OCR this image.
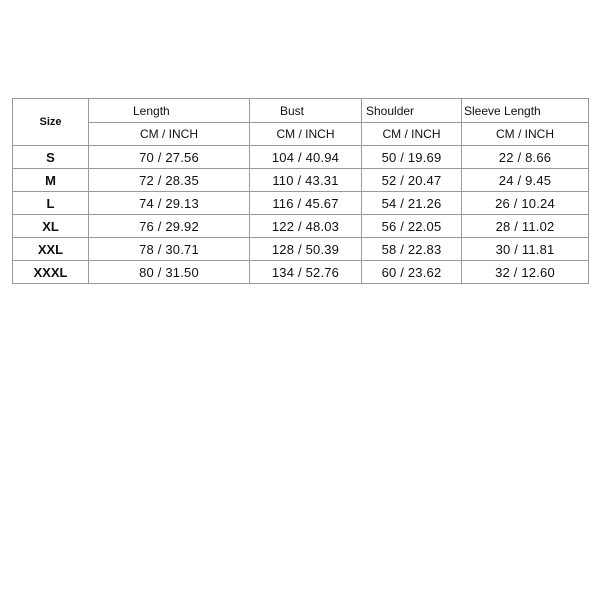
Size	Length	Bust	Shoulder	Sleeve Length
	CM / INCH	CM / INCH	CM / INCH	CM / INCH
S	70 / 27.56	104 / 40.94	50 / 19.69	22 / 8.66
M	72 / 28.35	110 / 43.31	52 / 20.47	24 / 9.45
L	74 / 29.13	116 / 45.67	54 / 21.26	26 / 10.24
XL	76 / 29.92	122 / 48.03	56 / 22.05	28 / 11.02
XXL	78 / 30.71	128 / 50.39	58 / 22.83	30 / 11.81
XXXL	80 / 31.50	134 / 52.76	60 / 23.62	32 / 12.60
